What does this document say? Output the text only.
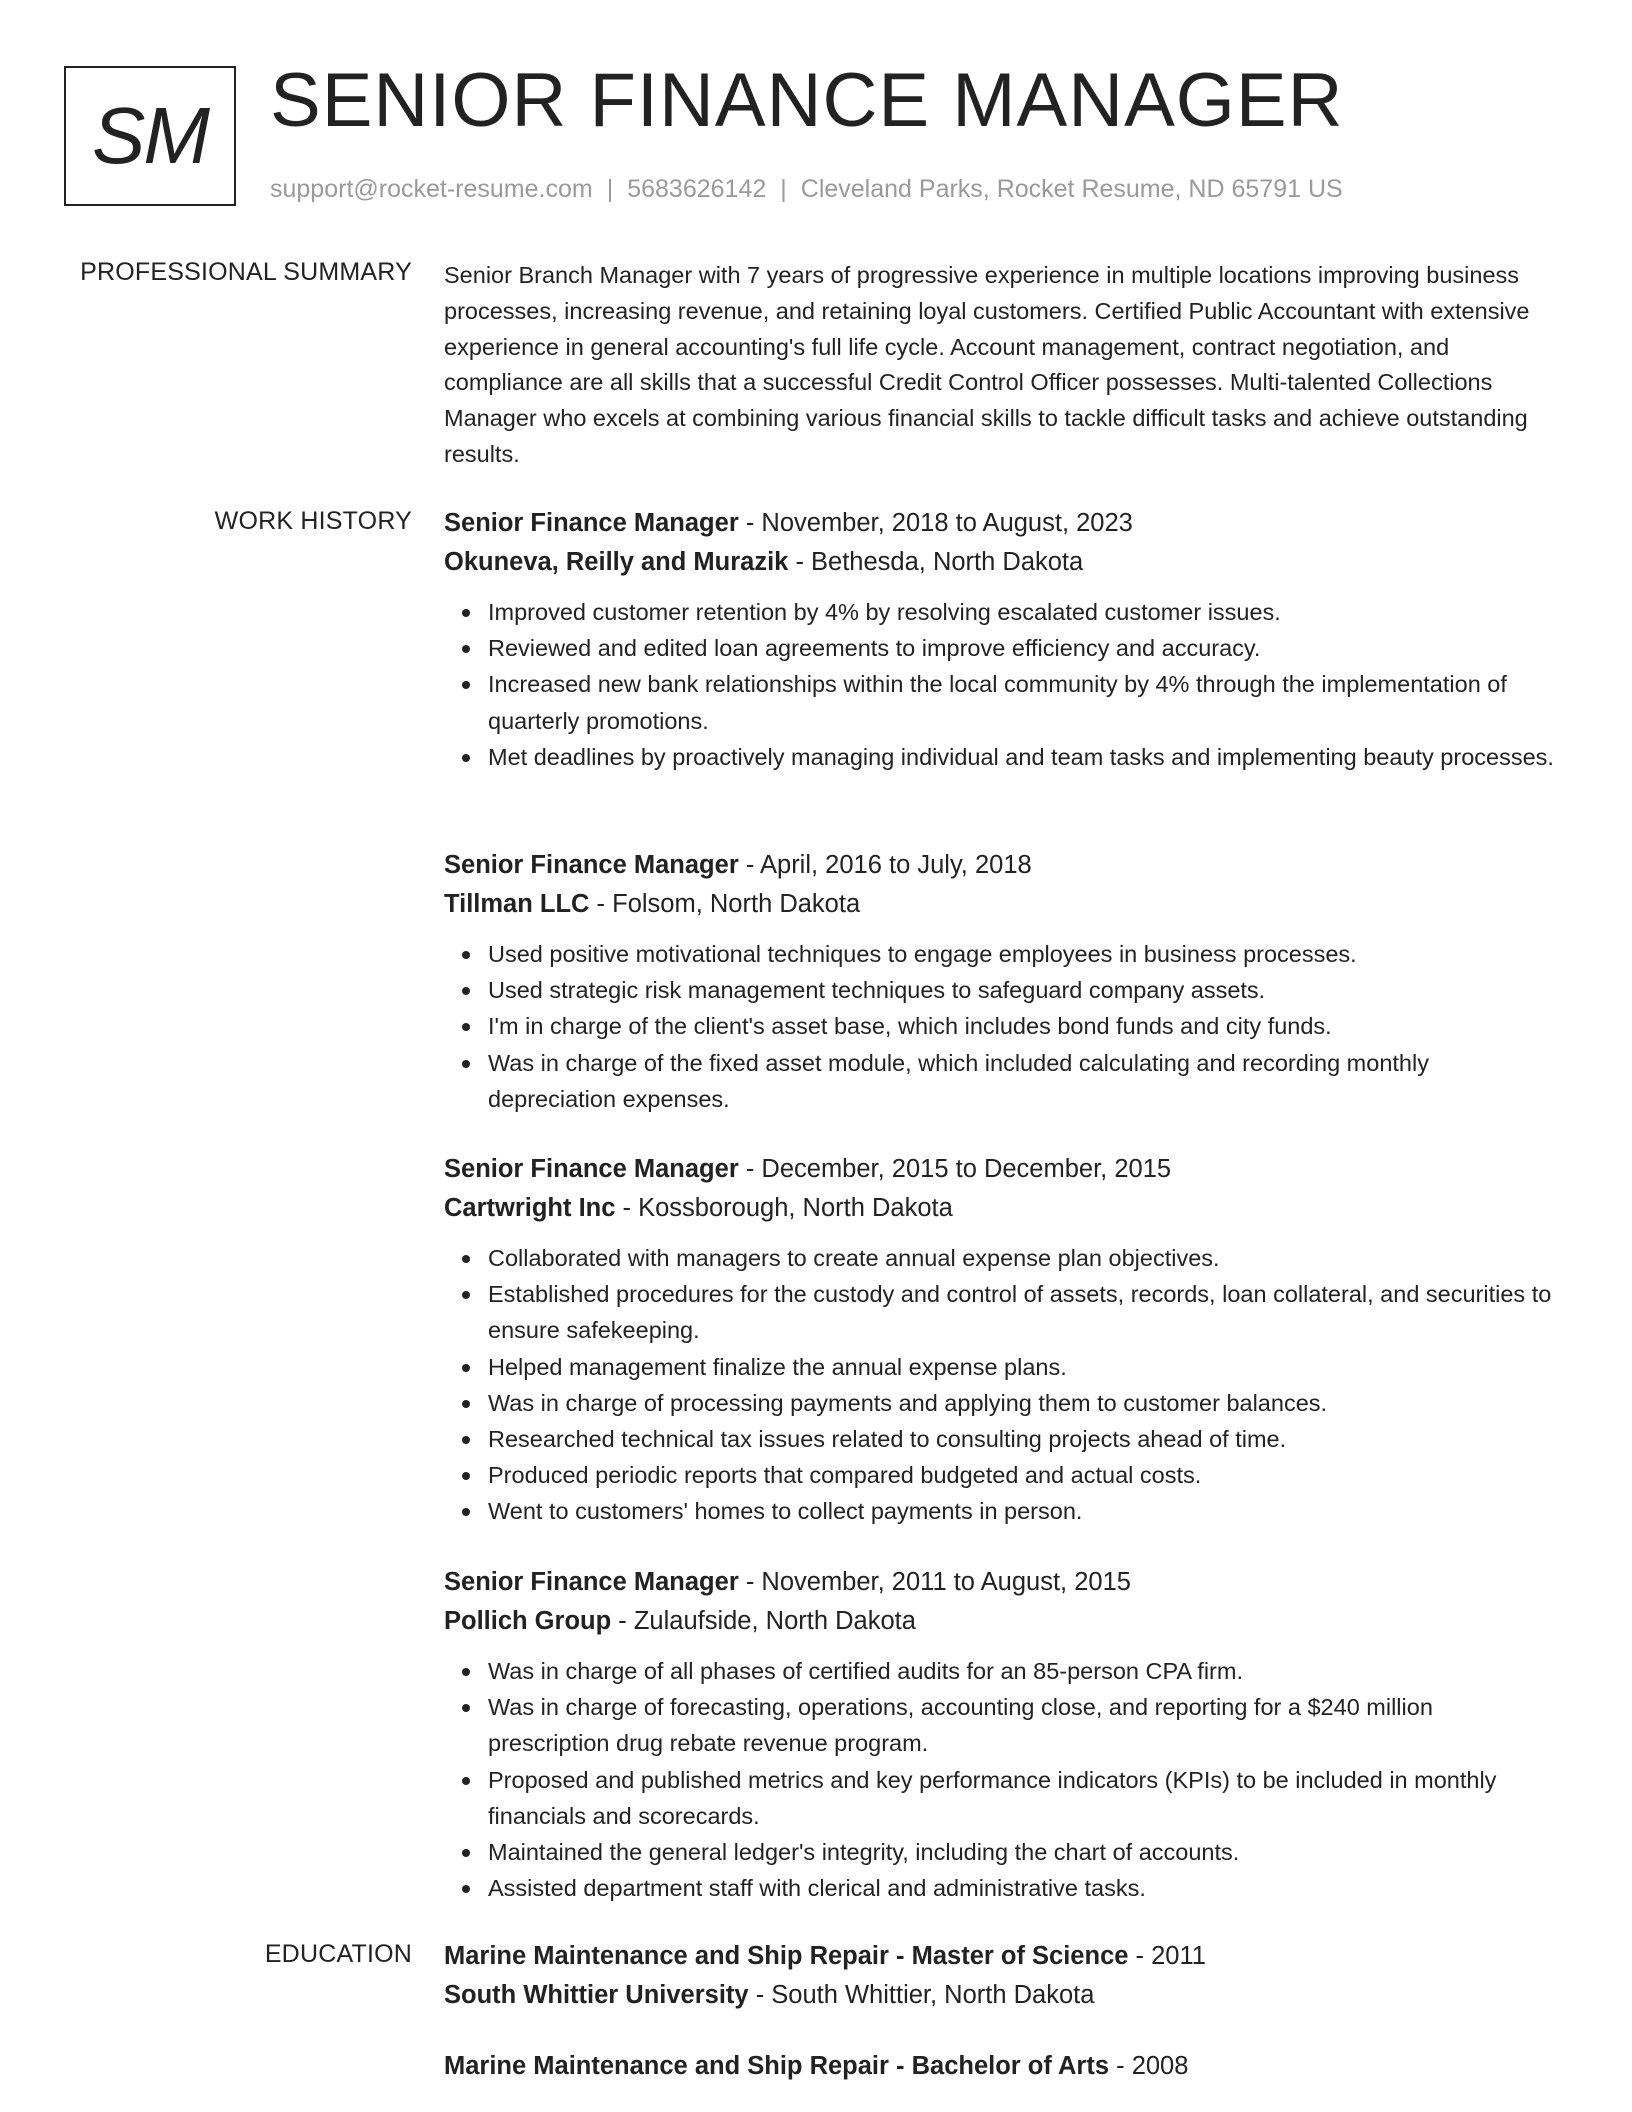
SM SENIOR FINANCE MANAGER
support@rocket-resume.com | 5683626142 | Cleveland Parks, Rocket Resume, ND 65791 US
PROFESSIONAL SUMMARY Senior Branch Manager with 7 years of progressive experience in multiple locations improving business processes, increasing revenue, and retaining loyal customers. Certified Public Accountant with extensive experience in general accounting's full life cycle. Account management, contract negotiation, and compliance are all skills that a successful Credit Control Officer possesses. Multi-talented Collections Manager who excels at combining various financial skills to tackle difficult tasks and achieve outstanding results.

WORK HISTORY Senior Finance Manager - November, 2018 to August, 2023
Okuneva, Reilly and Murazik - Bethesda, North Dakota
Improved customer retention by 4% by resolving escalated customer issues.
Reviewed and edited loan agreements to improve efficiency and accuracy.
Increased new bank relationships within the local community by 4% through the implementation of quarterly promotions.
Met deadlines by proactively managing individual and team tasks and implementing beauty processes.
Senior Finance Manager - April, 2016 to July, 2018
Tillman LLC - Folsom, North Dakota
Used positive motivational techniques to engage employees in business processes.
Used strategic risk management techniques to safeguard company assets.
I'm in charge of the client's asset base, which includes bond funds and city funds.
Was in charge of the fixed asset module, which included calculating and recording monthly depreciation expenses.
Senior Finance Manager - December, 2015 to December, 2015
Cartwright Inc - Kossborough, North Dakota
Collaborated with managers to create annual expense plan objectives.
Established procedures for the custody and control of assets, records, loan collateral, and securities to ensure safekeeping.
Helped management finalize the annual expense plans.
Was in charge of processing payments and applying them to customer balances.
Researched technical tax issues related to consulting projects ahead of time.
Produced periodic reports that compared budgeted and actual costs.
Went to customers' homes to collect payments in person.
Senior Finance Manager - November, 2011 to August, 2015
Pollich Group - Zulaufside, North Dakota
Was in charge of all phases of certified audits for an 85-person CPA firm.
Was in charge of forecasting, operations, accounting close, and reporting for a $240 million prescription drug rebate revenue program.
Proposed and published metrics and key performance indicators (KPIs) to be included in monthly financials and scorecards.
Maintained the general ledger's integrity, including the chart of accounts.
Assisted department staff with clerical and administrative tasks.
EDUCATION Marine Maintenance and Ship Repair - Master of Science - 2011
South Whittier University - South Whittier, North Dakota
Marine Maintenance and Ship Repair - Bachelor of Arts - 2008
